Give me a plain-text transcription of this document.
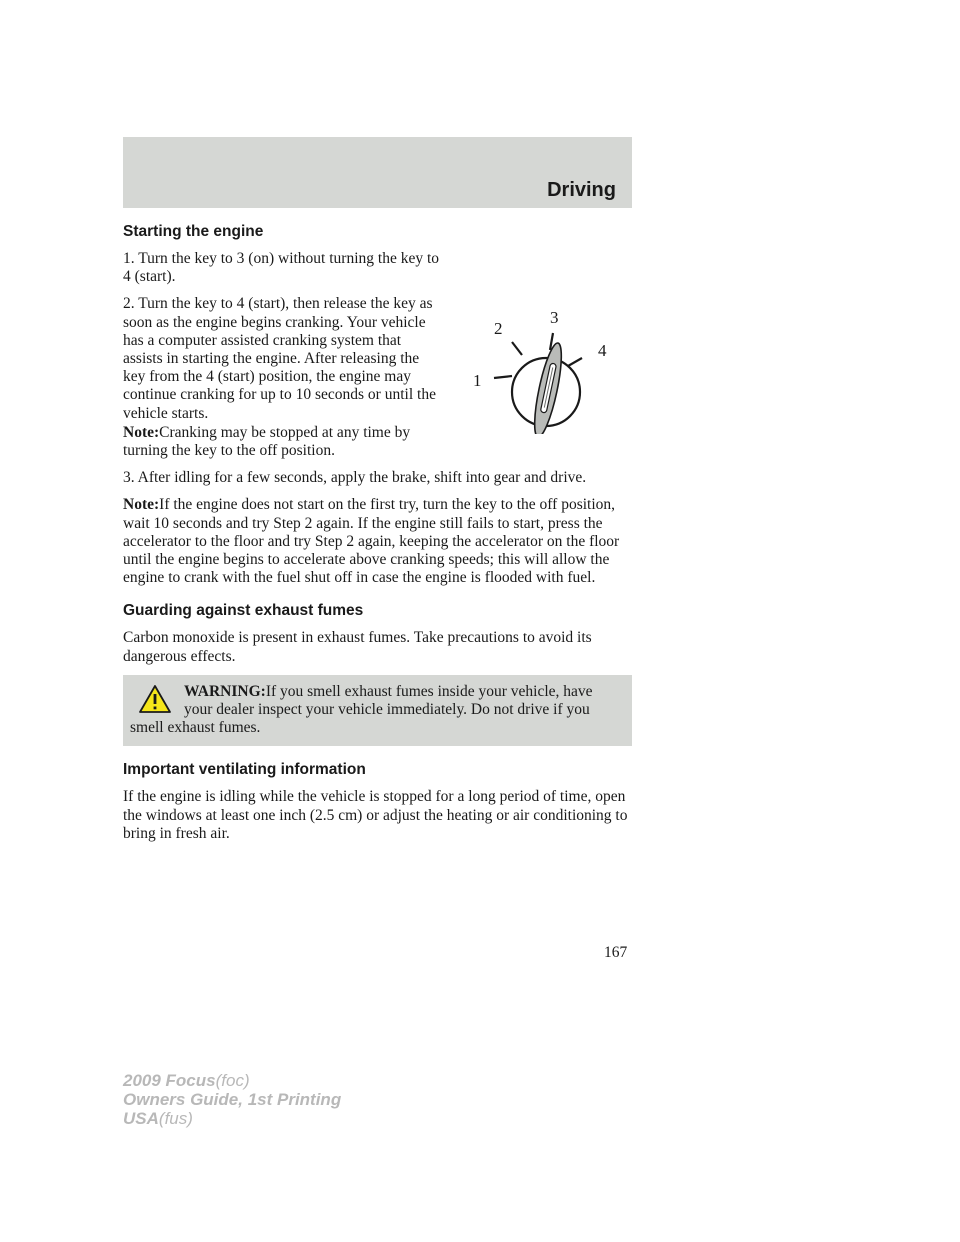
Driving
Starting the engine
1
2
3
4

1. Turn the key to 3 (on) without turning the key to 4 (start).

2. Turn the key to 4 (start), then release the key as soon as the engine begins cranking. Your vehicle has a computer assisted cranking system that assists in starting the engine. After releasing the key from the 4 (start) position, the engine may continue cranking for up to 10 seconds or until the vehicle starts.

Note:Cranking may be stopped at any time by turning the key to the off position.

3. After idling for a few seconds, apply the brake, shift into gear and drive.

Note:If the engine does not start on the first try, turn the key to the off position, wait 10 seconds and try Step 2 again. If the engine still fails to start, press the accelerator to the floor and try Step 2 again, keeping the accelerator on the floor until the engine begins to accelerate above cranking speeds; this will allow the engine to crank with the fuel shut off in case the engine is flooded with fuel.

Guarding against exhaust fumes

Carbon monoxide is present in exhaust fumes. Take precautions to avoid its dangerous effects.

WARNING:If you smell exhaust fumes inside your vehicle, have your dealer inspect your vehicle immediately. Do not drive if you smell exhaust fumes.

Important ventilating information

If the engine is idling while the vehicle is stopped for a long period of time, open the windows at least one inch (2.5 cm) or adjust the heating or air conditioning to bring in fresh air.

167

2009 Focus(foc)
Owners Guide, 1st Printing
USA(fus)
